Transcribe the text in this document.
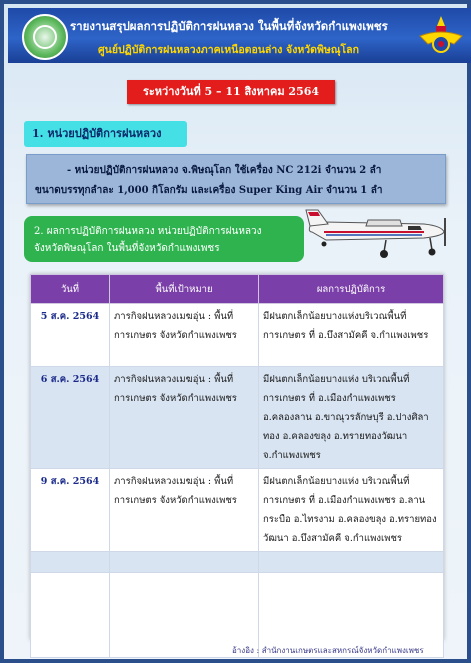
รายงานสรุปผลการปฏิบัติการฝนหลวง ในพื้นที่จังหวัดกำแพงเพชร
ศูนย์ปฏิบัติการฝนหลวงภาคเหนือตอนล่าง จังหวัดพิษณุโลก
ระหว่างวันที่ 5 – 11 สิงหาคม 2564
1. หน่วยปฏิบัติการฝนหลวง
- หน่วยปฏิบัติการฝนหลวง จ.พิษณุโลก ใช้เครื่อง NC 212i จำนวน 2 ลำ
ขนาดบรรทุกลำละ 1,000 กิโลกรัม และเครื่อง Super King Air จำนวน 1 ลำ
2. ผลการปฏิบัติการฝนหลวง หน่วยปฏิบัติการฝนหลวง
จังหวัดพิษณุโลก ในพื้นที่จังหวัดกำแพงเพชร
วันที่	พื้นที่เป้าหมาย	ผลการปฏิบัติการ
5 ส.ค. 2564	ภารกิจฝนหลวงเมฆอุ่น : พื้นที่การเกษตร จังหวัดกำแพงเพชร	มีฝนตกเล็กน้อยบางแห่งบริเวณพื้นที่การเกษตร ที่ อ.บึงสามัคคี จ.กำแพงเพชร
6 ส.ค. 2564	ภารกิจฝนหลวงเมฆอุ่น : พื้นที่การเกษตร จังหวัดกำแพงเพชร	มีฝนตกเล็กน้อยบางแห่ง บริเวณพื้นที่การเกษตร ที่ อ.เมืองกำแพงเพชร อ.คลองลาน อ.ขาณุวรลักษบุรี อ.ปางศิลาทอง อ.คลองขลุง อ.ทรายทองวัฒนา จ.กำแพงเพชร
9 ส.ค. 2564	ภารกิจฝนหลวงเมฆอุ่น : พื้นที่การเกษตร จังหวัดกำแพงเพชร	มีฝนตกเล็กน้อยบางแห่ง บริเวณพื้นที่การเกษตร ที่ อ.เมืองกำแพงเพชร อ.ลานกระบือ อ.ไทรงาม อ.คลองขลุง อ.ทรายทองวัฒนา อ.บึงสามัคคี จ.กำแพงเพชร

อ้างอิง : สำนักงานเกษตรและสหกรณ์จังหวัดกำแพงเพชร
